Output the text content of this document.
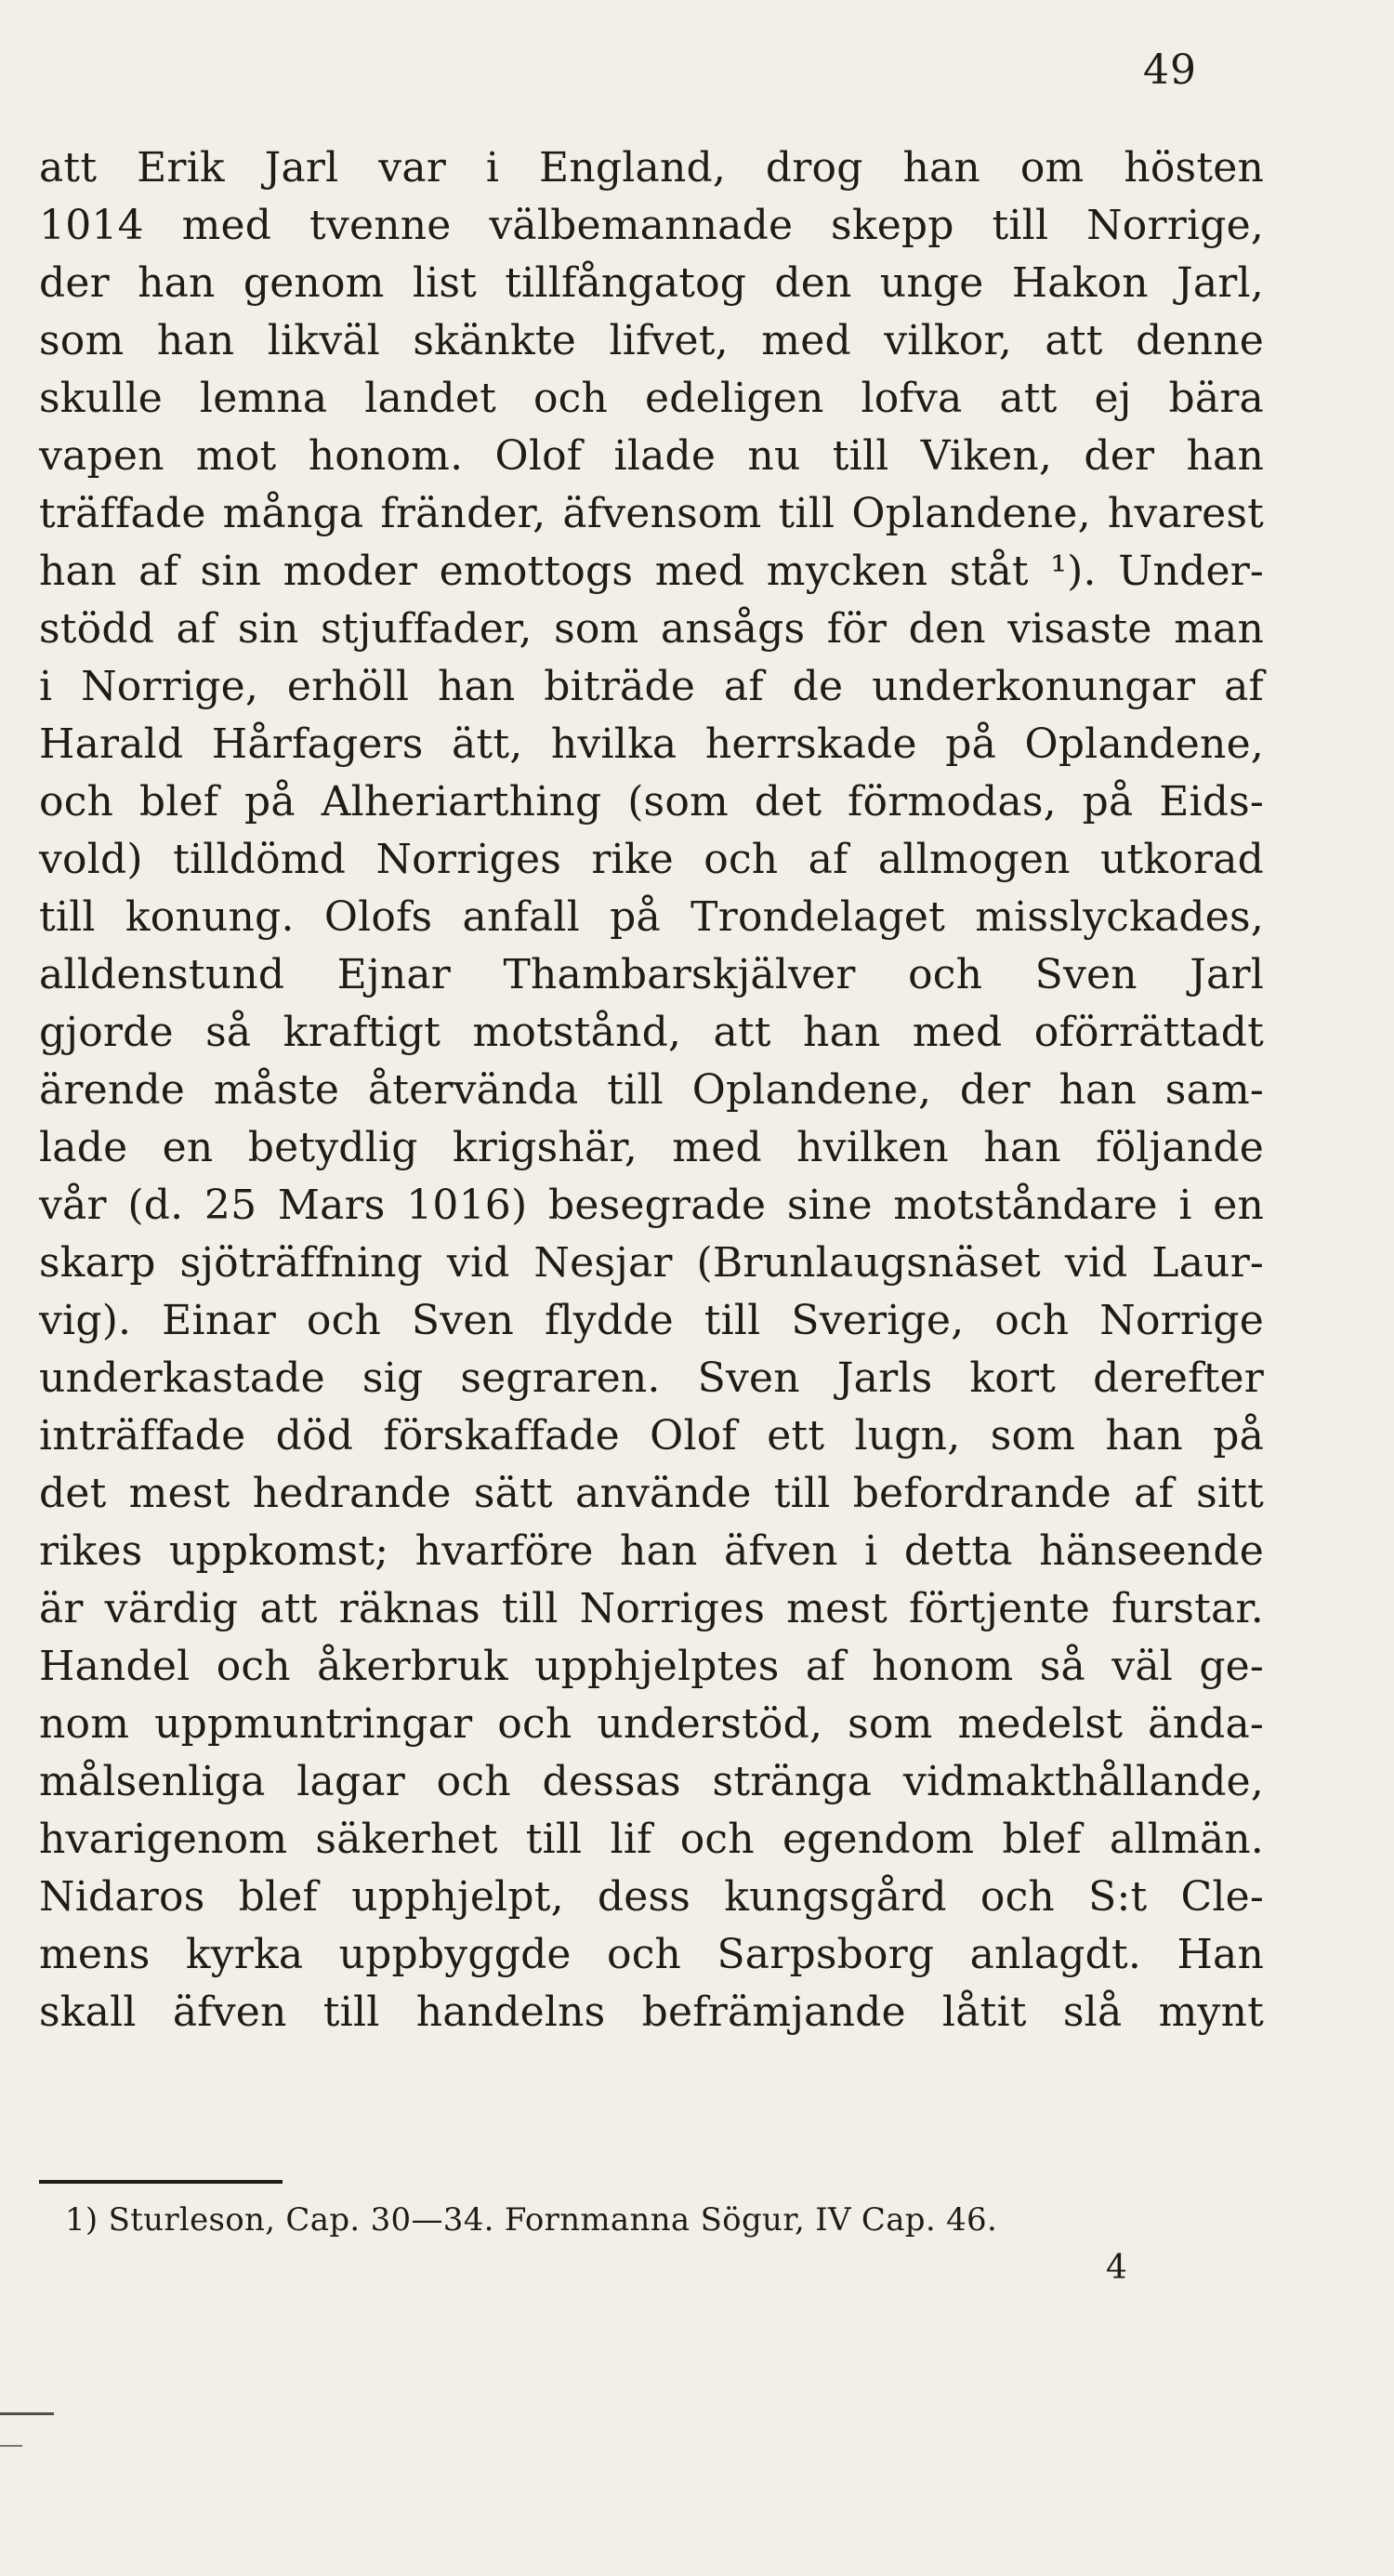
49
att Erik Jarl var i England, drog han om hösten
1014 med tvenne välbemannade skepp till Norrige,
der han genom list tillfångatog den unge Hakon Jarl,
som han likväl skänkte lifvet, med vilkor, att denne
skulle lemna landet och edeligen lofva att ej bära
vapen mot honom. Olof ilade nu till Viken, der han
träffade många fränder, äfvensom till Oplandene, hvarest
han af sin moder emottogs med mycken ståt ¹). Under-
stödd af sin stjuffader, som ansågs för den visaste man
i Norrige, erhöll han biträde af de underkonungar af
Harald Hårfagers ätt, hvilka herrskade på Oplandene,
och blef på Alheriarthing (som det förmodas, på Eids-
vold) tilldömd Norriges rike och af allmogen utkorad
till konung. Olofs anfall på Trondelaget misslyckades,
alldenstund Ejnar Thambarskjälver och Sven Jarl
gjorde så kraftigt motstånd, att han med oförrättadt
ärende måste återvända till Oplandene, der han sam-
lade en betydlig krigshär, med hvilken han följande
vår (d. 25 Mars 1016) besegrade sine motståndare i en
skarp sjöträffning vid Nesjar (Brunlaugsnäset vid Laur-
vig). Einar och Sven flydde till Sverige, och Norrige
underkastade sig segraren. Sven Jarls kort derefter
inträffade död förskaffade Olof ett lugn, som han på
det mest hedrande sätt använde till befordrande af sitt
rikes uppkomst; hvarföre han äfven i detta hänseende
är värdig att räknas till Norriges mest förtjente furstar.
Handel och åkerbruk upphjelptes af honom så väl ge-
nom uppmuntringar och understöd, som medelst ända-
målsenliga lagar och dessas stränga vidmakthållande,
hvarigenom säkerhet till lif och egendom blef allmän.
Nidaros blef upphjelpt, dess kungsgård och S:t Cle-
mens kyrka uppbyggde och Sarpsborg anlagdt. Han
skall äfven till handelns befrämjande låtit slå mynt
1) Sturleson, Cap. 30—34. Fornmanna Sögur, IV Cap. 46.
4
